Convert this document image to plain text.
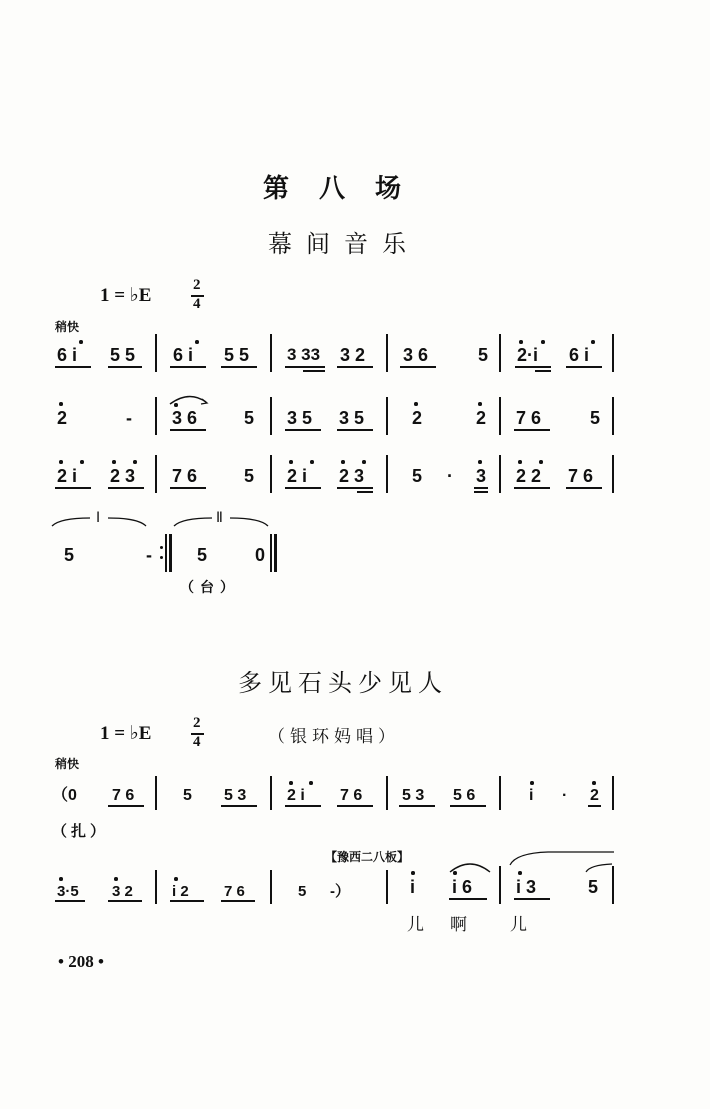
第八场
幕间音乐
1 = ♭E	2
4
稍快
6 i 5 5 6 i 5 5 3 33 3 2 3 6	5 2·i 6 i
2	- 3 6	5 3 5 3 5	2	2 7 6	5
2 i 2 3 7 6	5 2 i 2 3	5 · 3 2 2 7 6
I	Ⅱ
5	-	5	0
（台）
多见石头少见人
1 = ♭E	2
4	（银环妈唱）
稍快
（0 7 6	5 5 3	2 i 7 6 5 3 5 6	i · 2
（扎）
【豫西二八板】
3·5 3 2	i 2 7 6	5 -）	i i 6 i 3	5
儿
啊 儿
• 208 •
